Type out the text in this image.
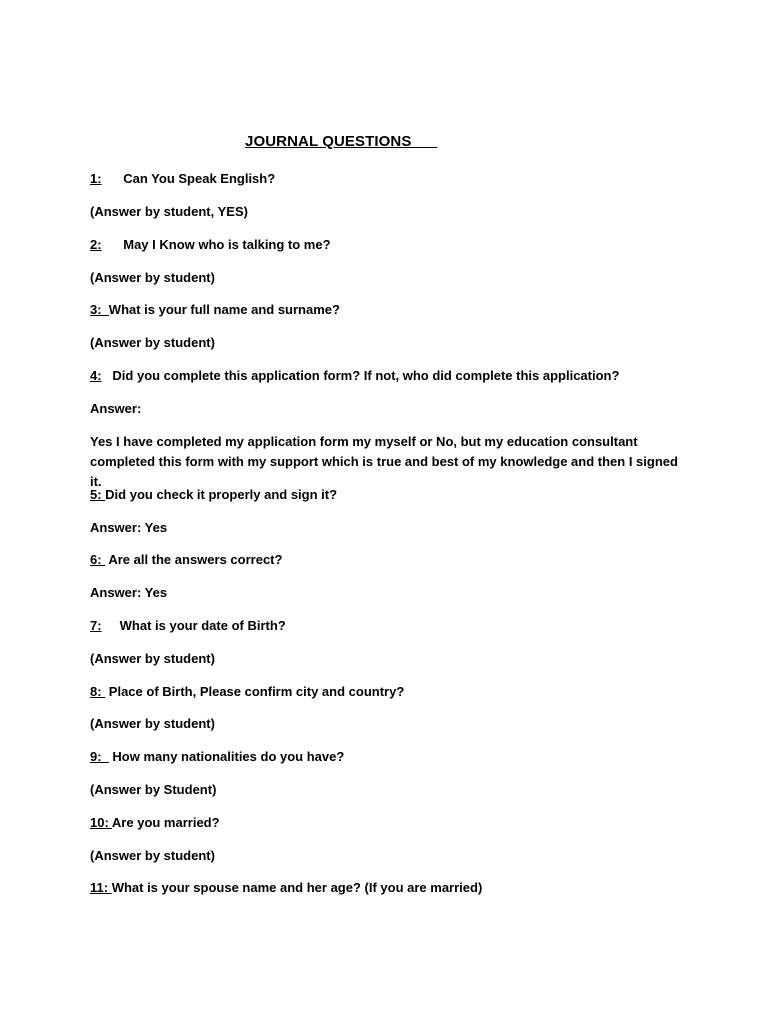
JOURNAL QUESTIONS
1: Can You Speak English?
(Answer by student, YES)
2: May I Know who is talking to me?
(Answer by student)
3:  What is your full name and surname?
(Answer by student)
4: Did you complete this application form? If not, who did complete this application?
Answer:
Yes I have completed my application form my myself or No, but my education consultant completed this form with my support which is true and best of my knowledge and then I signed it.
5: Did you check it properly and sign it?
Answer: Yes
6:  Are all the answers correct?
Answer: Yes
7: What is your date of Birth?
(Answer by student)
8:  Place of Birth, Please confirm city and country?
(Answer by student)
9:   How many nationalities do you have?
(Answer by Student)
10: Are you married?
(Answer by student)
11: What is your spouse name and her age? (If you are married)
